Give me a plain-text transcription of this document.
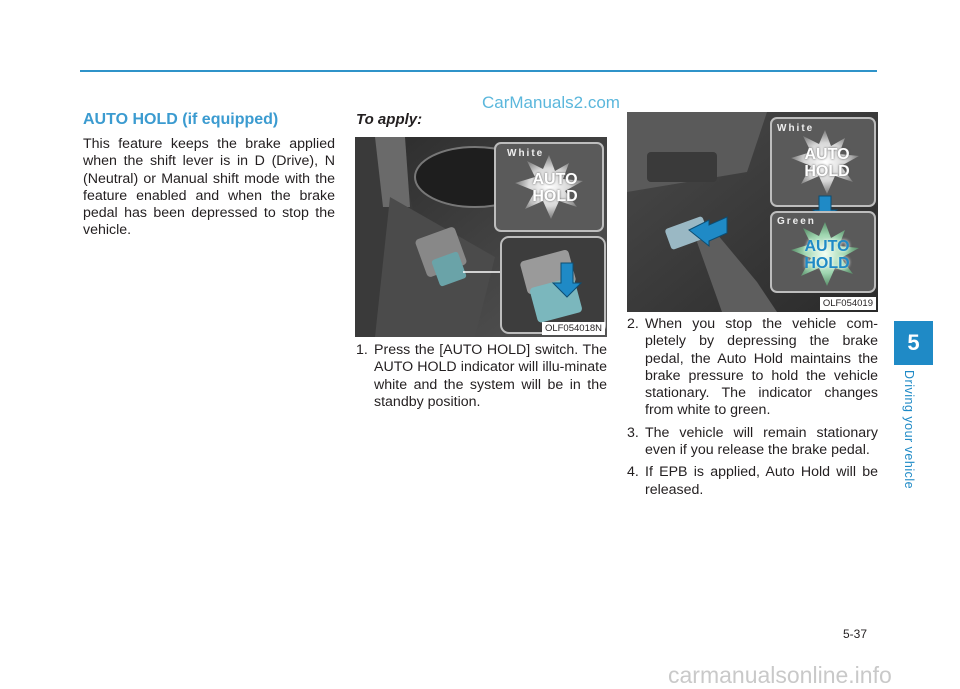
CarManuals2.com
AUTO HOLD (if equipped)

This feature keeps the brake applied when the shift lever is in D (Drive), N (Neutral) or Manual shift mode with the feature enabled and when the brake pedal has been depressed to stop the vehicle.

To apply:
White
AUTO
HOLD
OLF054018N
1. Press the [AUTO HOLD] switch. The AUTO HOLD indicator will illu-minate white and the system will be in the standby position.
White
AUTO
HOLD
Green
AUTO
HOLD
OLF054019
2. When you stop the vehicle com-pletely by depressing the brake pedal, the Auto Hold maintains the brake pressure to hold the vehicle stationary. The indicator changes from white to green.
3. The vehicle will remain stationary even if you release the brake pedal.
4. If EPB is applied, Auto Hold will be released.
5
Driving your vehicle
5-37
carmanualsonline.info
